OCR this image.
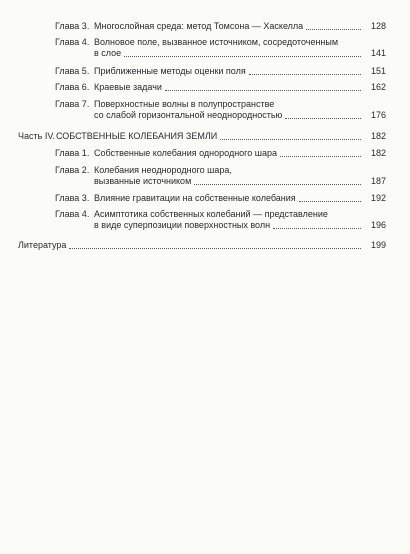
Глава 3. Многослойная среда: метод Томсона — Хаскелла	128
Глава 4. Волновое поле, вызванное источником, сосредоточенным
в слое	141
Глава 5. Приближенные методы оценки поля	151
Глава 6. Краевые задачи	162
Глава 7. Поверхностные волны в полупространстве
со слабой горизонтальной неоднородностью	176
Часть IV. СОБСТВЕННЫЕ КОЛЕБАНИЯ ЗЕМЛИ	182
Глава 1. Собственные колебания однородного шара	182
Глава 2. Колебания неоднородного шара,
вызванные источником	187
Глава 3. Влияние гравитации на собственные колебания	192
Глава 4. Асимптотика собственных колебаний — представление
в виде суперпозиции поверхностных волн	196
Литература	199
